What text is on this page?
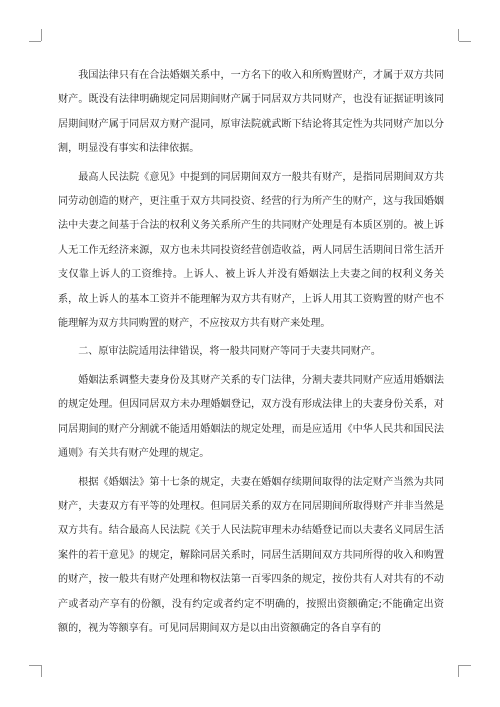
我国法律只有在合法婚姻关系中，一方名下的收入和所购置财产，才属于双方共同财产。既没有法律明确规定同居期间财产属于同居双方共同财产，也没有证据证明该同居期间财产属于同居双方财产混同，原审法院就武断下结论将其定性为共同财产加以分割，明显没有事实和法律依据。

最高人民法院《意见》中提到的同居期间双方一般共有财产，是指同居期间双方共同劳动创造的财产，更注重于双方共同投资、经营的行为所产生的财产，这与我国婚姻法中夫妻之间基于合法的权利义务关系所产生的共同财产处理是有本质区别的。被上诉人无工作无经济来源，双方也未共同投资经营创造收益，两人同居生活期间日常生活开支仅靠上诉人的工资维持。上诉人、被上诉人并没有婚姻法上夫妻之间的权利义务关系，故上诉人的基本工资并不能理解为双方共有财产，上诉人用其工资购置的财产也不能理解为双方共同购置的财产，不应按双方共有财产来处理。

二、原审法院适用法律错误，将一般共同财产等同于夫妻共同财产。

婚姻法系调整夫妻身份及其财产关系的专门法律，分割夫妻共同财产应适用婚姻法的规定处理。但因同居双方未办理婚姻登记，双方没有形成法律上的夫妻身份关系，对同居期间的财产分割就不能适用婚姻法的规定处理，而是应适用《中华人民共和国民法通则》有关共有财产处理的规定。

根据《婚姻法》第十七条的规定，夫妻在婚姻存续期间取得的法定财产当然为共同财产，夫妻双方有平等的处理权。但同居关系的双方在同居期间所取得财产并非当然是双方共有。结合最高人民法院《关于人民法院审理未办结婚登记而以夫妻名义同居生活案件的若干意见》的规定，解除同居关系时，同居生活期间双方共同所得的收入和购置的财产，按一般共有财产处理和物权法第一百零四条的规定，按份共有人对共有的不动产或者动产享有的份额，没有约定或者约定不明确的，按照出资额确定;不能确定出资额的，视为等额享有。可见同居期间双方是以由出资额确定的各自享有的
